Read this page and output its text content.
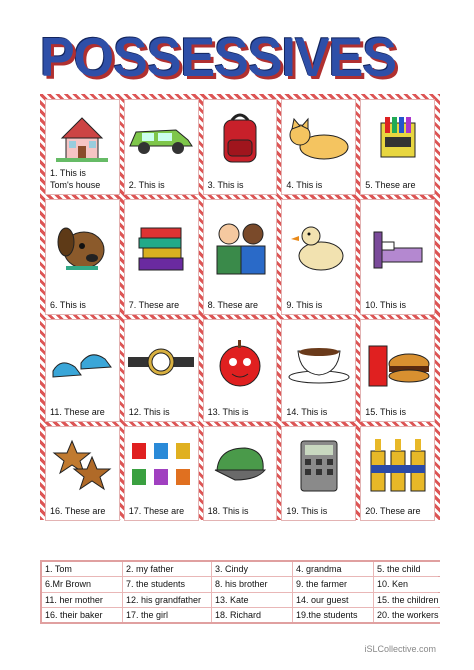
POSSESSIVES
1. This is
Tom's house	2. This is	3. This is	4. This is	5. These are
6. This is	7. These are	8. These are	9. This is	10. This is
11. These are	12. This is	13. This is	14. This is	15. This is
16. These are	17. These are	18. This is	19. This is	20. These are
1. Tom	2. my father	3. Cindy	4. grandma	5. the child
6.Mr Brown	7. the students	8. his brother	9. the farmer	10. Ken
11. her mother	12. his grandfather	13. Kate	14. our guest	15. the children
16. their baker	17. the girl	18. Richard	19.the students	20. the workers
iSLCollective.com
